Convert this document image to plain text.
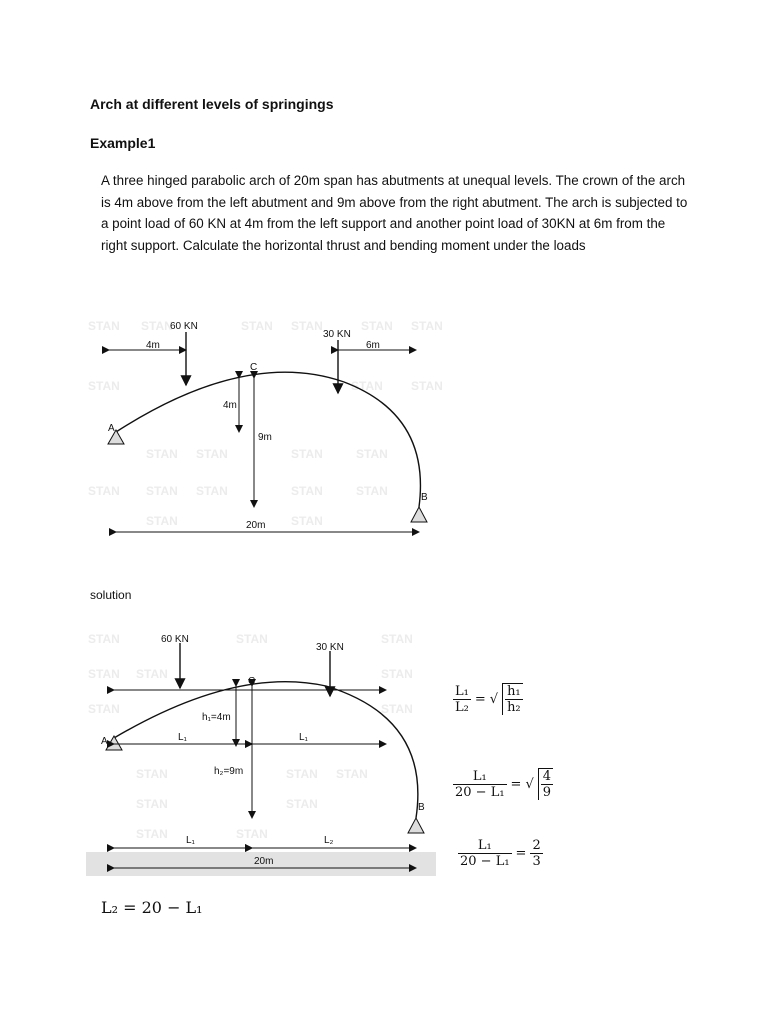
Arch at different levels of springings
Example1

A three hinged parabolic arch of 20m span has abutments at unequal levels. The crown of the arch is 4m above from the left abutment and 9m above from the right abutment. The arch is subjected to a point load of 60 KN at 4m from the left support and another point load of 30KN at 6m from the right support. Calculate the horizontal thrust and bending moment under the loads

STAN STAN	STAN STAN	STAN STAN
STAN	STAN STAN
STAN STAN	STAN	STAN
STAN STAN STAN	STAN	STAN
STAN	STAN
60 KN
30 KN
4m	6m
C
A
B
4m
9m
20m

solution

STAN	STAN	STAN
STAN STAN	STAN
STAN	STAN
STAN	STAN STAN
STAN	STAN
STAN	STAN
60 KN
30 KN
C
A
B
h₁=4m
h₂=9m
L₁	L₁
L₁	L₂
20m
$\frac{\text{L₁}}{\text{L₂}}$ = √ $\frac{\text{h₁}}{\text{h₂}}$
$\frac{\text{L₁}}{\text{20 − L₁}}$ = √ $\frac{4}{9}$
$\frac{\text{L₁}}{\text{20 − L₁}} = \frac{2}{3}$
L₂ = 20 − L₁
